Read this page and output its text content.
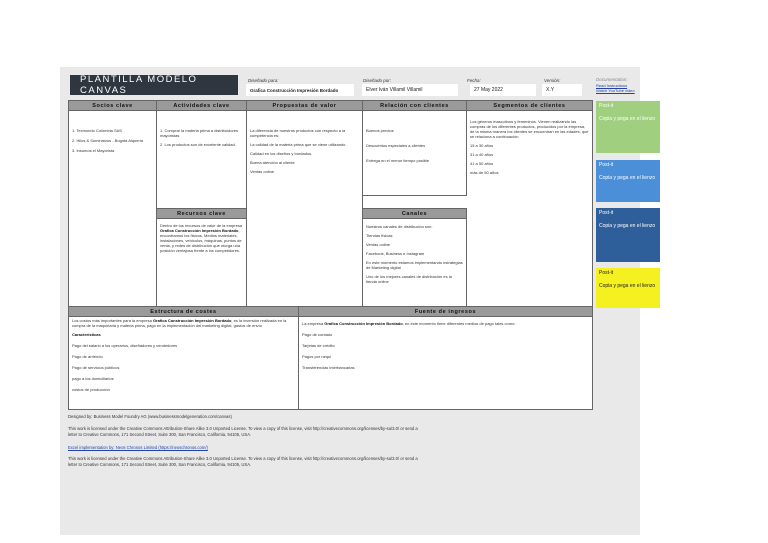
PLANTILLA MODELO CANVAS
Diseñado para:
Grafica Construcción Impresión Bordado
Diseñado por:
Elver Iván Villamil Villamil
Fecha:
27 May 2022
Versión:
X.Y
Documentation:
Read Instructions
Watch YouTube video
Socios clave

1. Texmundo Colombia SAS

2. Hilos & Suministros - Bogotá Alquería

3. Insumos el Mayorista

Actividades clave

1. Comprar la materia prima a distribuidores mayoristas

2. Los productos son de excelente calidad.

Recursos clave
Dentro de los recursos de valor de la empresa Grafica Construcción Impresión Bordado, encontramos los físicos. Medios materiales, instalaciones, vehículos, máquinas, puntos de venta, y redes de distribución que otorga una posición ventajosa frente a los competidores.
Propuestas de valor

La diferencia de nuestros productos con respecto a la competencia es:

La calidad de la materia prima que se viene utilizando

Calidad en los diseños y bordados.

Buena atención al cliente

Ventas online

Relación con clientes

Buenos precios

Descuentos especiales a clientes

Entrega en el menor tiempo posible

Canales

Nuestros canales de distribución son:

Tiendas físicas

Ventas online

Facebook, Business e Instagram

En este momento estamos implementando estrategias de Marketing digital

Uno de los mejores canales de distribución es la tienda online

Segmentos de clientes

Los géneros masculinos y femeninos. Vienen realizando las compras de los diferentes productos, producidos por la empresa, de la misma manera los clientes se encuentran en las edades, que se relaciona a continuación

15 a 30 años

31 a 40 años

41 a 50 años

más de 50 años

Estructura de costes

Los costos más importantes para la empresa Grafica Construcción Impresión Bordado, es la inversión realizada en la compra de la maquinaria y materia prima, pago en la implementación del marketing digital, gastos de envío

Características

Pago del salario a los operarios, diseñadores y vendedores

Pago de arriendo

Pago de servicios públicos

pago a los domiciliarios

costos de producción

Fuente de ingresos

La empresa Grafica Construcción Impresión Bordado, en este momento tiene diferentes medios de pago tales como:

Pago de contado

Tarjetas de crédito

Pagos por nequi

Transferencias interbancarias

Post-it
Copia y pega en el lienzo
Post-it
Copia y pega en el lienzo
Post-it
Copia y pega en el lienzo
Post-it
Copia y pega en el lienzo
Designed by: Business Model Foundry AG (www.businessmodelgeneration.com/canvas)
This work is licensed under the Creative Commons Attribution-Share Alike 3.0 Unported License. To view a copy of this license, visit http://creativecommons.org/licenses/by-sa/3.0/ or send a letter to Creative Commons, 171 Second Street, Suite 300, San Francisco, California, 94105, USA.
Excel implementation by: Neos Chronos Limited (https://neoschronos.com/)
This work is licensed under the Creative Commons Attribution-Share Alike 3.0 Unported License. To view a copy of this license, visit http://creativecommons.org/licenses/by-sa/3.0/ or send a letter to Creative Commons, 171 Second Street, Suite 300, San Francisco, California, 94105, USA.
